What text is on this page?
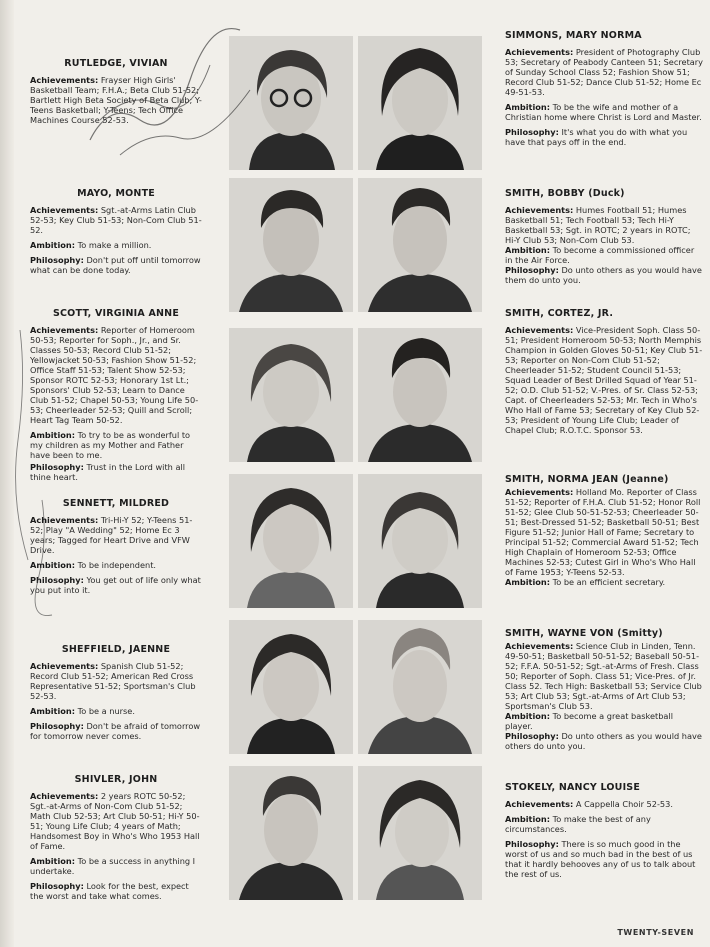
RUTLEDGE, VIVIAN
Achievements: Frayser High Girls' Basketball Team; F.H.A.; Beta Club 51-52; Bartlett High Beta Society of Beta Club; Y-Teens Basketball; Y-Teens; Tech Office Machines Course 52-53.
MAYO, MONTE
Achievements: Sgt.-at-Arms Latin Club 52-53; Key Club 51-53; Non-Com Club 51-52.
Ambition: To make a million.
Philosophy: Don't put off until tomorrow what can be done today.
SCOTT, VIRGINIA ANNE
Achievements: Reporter of Homeroom 50-53; Reporter for Soph., Jr., and Sr. Classes 50-53; Record Club 51-52; Yellowjacket 50-53; Fashion Show 51-52; Office Staff 51-53; Talent Show 52-53; Sponsor ROTC 52-53; Honorary 1st Lt.; Sponsors' Club 52-53; Learn to Dance Club 51-52; Chapel 50-53; Young Life 50-53; Cheerleader 52-53; Quill and Scroll; Heart Tag Team 50-52.
Ambition: To try to be as wonderful to my children as my Mother and Father have been to me.
Philosophy: Trust in the Lord with all thine heart.
SENNETT, MILDRED
Achievements: Tri-Hi-Y 52; Y-Teens 51-52; Play "A Wedding" 52; Home Ec 3 years; Tagged for Heart Drive and VFW Drive.
Ambition: To be independent.
Philosophy: You get out of life only what you put into it.
SHEFFIELD, JAENNE
Achievements: Spanish Club 51-52; Record Club 51-52; American Red Cross Representative 51-52; Sportsman's Club 52-53.
Ambition: To be a nurse.
Philosophy: Don't be afraid of tomorrow for tomorrow never comes.
SHIVLER, JOHN
Achievements: 2 years ROTC 50-52; Sgt.-at-Arms of Non-Com Club 51-52; Math Club 52-53; Art Club 50-51; Hi-Y 50-51; Young Life Club; 4 years of Math; Handsomest Boy in Who's Who 1953 Hall of Fame.
Ambition: To be a success in anything I undertake.
Philosophy: Look for the best, expect the worst and take what comes.
SIMMONS, MARY NORMA
Achievements: President of Photography Club 53; Secretary of Peabody Canteen 51; Secretary of Sunday School Class 52; Fashion Show 51; Record Club 51-52; Dance Club 51-52; Home Ec 49-51-53.
Ambition: To be the wife and mother of a Christian home where Christ is Lord and Master.
Philosophy: It's what you do with what you have that pays off in the end.
SMITH, BOBBY (Duck)
Achievements: Humes Football 51; Humes Basketball 51; Tech Football 53; Tech Hi-Y Basketball 53; Sgt. in ROTC; 2 years in ROTC; Hi-Y Club 53; Non-Com Club 53.
Ambition: To become a commissioned officer in the Air Force.
Philosophy: Do unto others as you would have them do unto you.
SMITH, CORTEZ, JR.
Achievements: Vice-President Soph. Class 50-51; President Homeroom 50-53; North Memphis Champion in Golden Gloves 50-51; Key Club 51-53; Reporter on Non-Com Club 51-52; Cheerleader 51-52; Student Council 51-53; Squad Leader of Best Drilled Squad of Year 51-52; O.D. Club 51-52; V.-Pres. of Sr. Class 52-53; Capt. of Cheerleaders 52-53; Mr. Tech in Who's Who Hall of Fame 53; Secretary of Key Club 52-53; President of Young Life Club; Leader of Chapel Club; R.O.T.C. Sponsor 53.
SMITH, NORMA JEAN (Jeanne)
Achievements: Holland Mo. Reporter of Class 51-52; Reporter of F.H.A. Club 51-52; Honor Roll 51-52; Glee Club 50-51-52-53; Cheerleader 50-51; Best-Dressed 51-52; Basketball 50-51; Best Figure 51-52; Junior Hall of Fame; Secretary to Principal 51-52; Commercial Award 51-52; Tech High Chaplain of Homeroom 52-53; Office Machines 52-53; Cutest Girl in Who's Who Hall of Fame 1953; Y-Teens 52-53.
Ambition: To be an efficient secretary.
SMITH, WAYNE VON (Smitty)
Achievements: Science Club in Linden, Tenn. 49-50-51; Basketball 50-51-52; Baseball 50-51-52; F.F.A. 50-51-52; Sgt.-at-Arms of Fresh. Class 50; Reporter of Soph. Class 51; Vice-Pres. of Jr. Class 52. Tech High: Basketball 53; Service Club 53; Art Club 53; Sgt.-at-Arms of Art Club 53; Sportsman's Club 53.
Ambition: To become a great basketball player.
Philosophy: Do unto others as you would have others do unto you.
STOKELY, NANCY LOUISE
Achievements: A Cappella Choir 52-53.
Ambition: To make the best of any circumstances.
Philosophy: There is so much good in the worst of us and so much bad in the best of us that it hardly behooves any of us to talk about the rest of us.
TWENTY-SEVEN
